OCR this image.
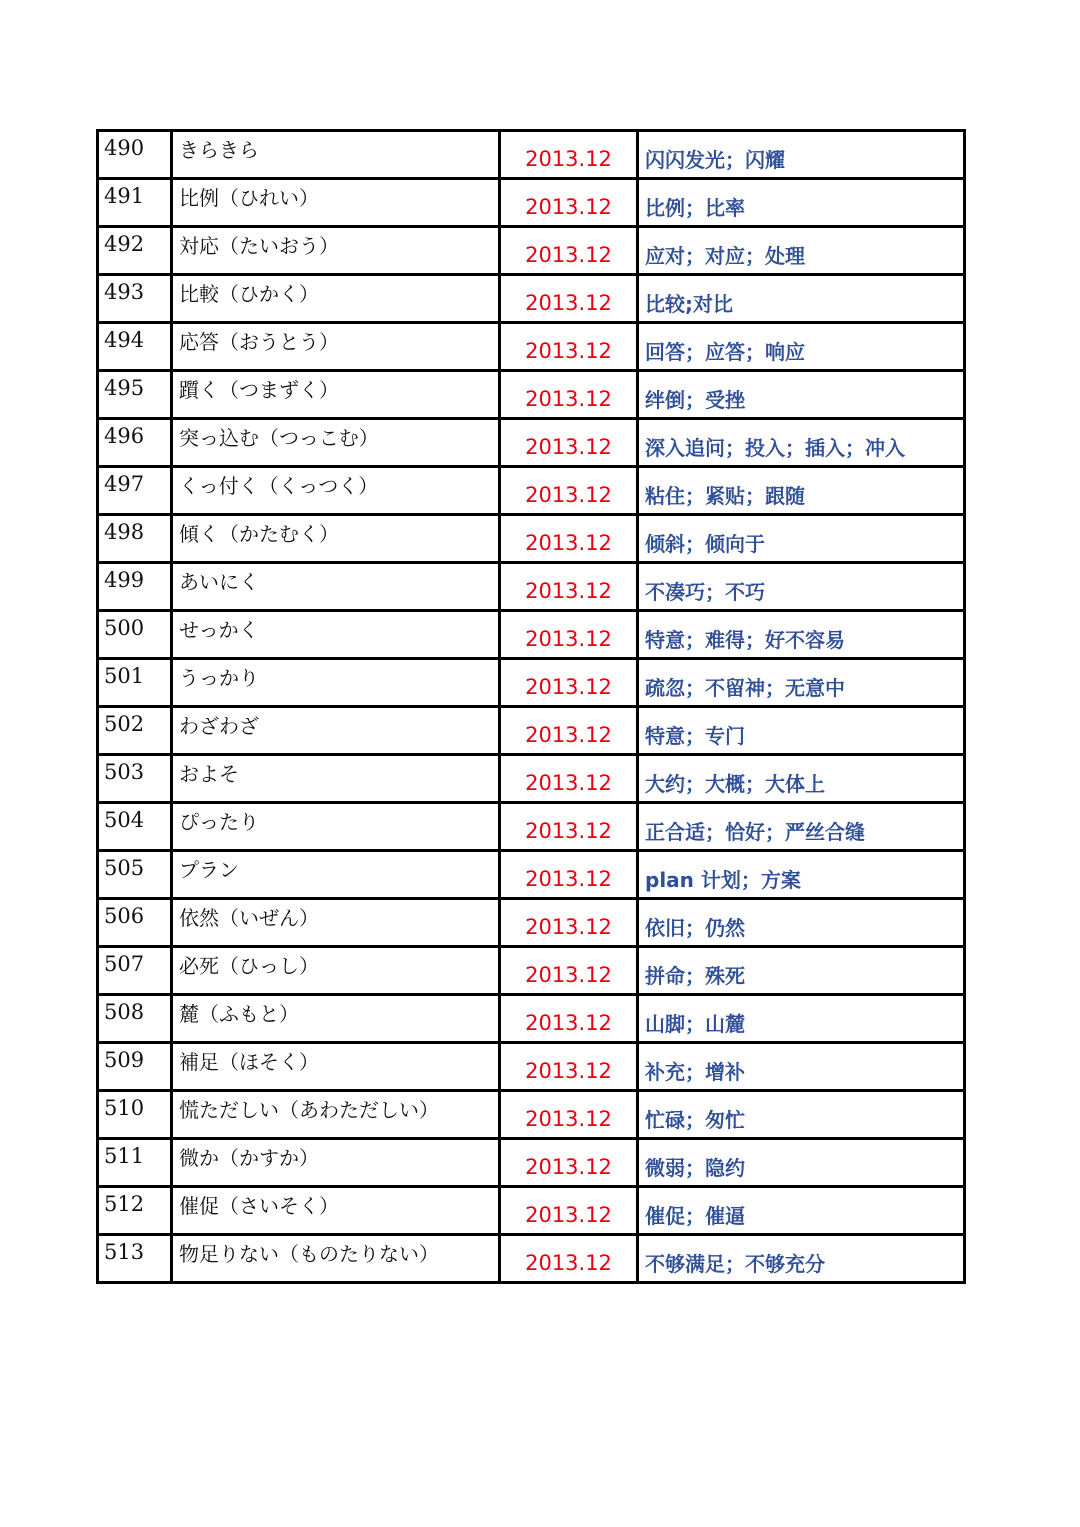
490	きらきら	2013.12	闪闪发光；闪耀
491	比例（ひれい）	2013.12	比例；比率
492	対応（たいおう）	2013.12	应对；对应；处理
493	比較（ひかく）	2013.12	比较;对比
494	応答（おうとう）	2013.12	回答；应答；响应
495	躓く（つまずく）	2013.12	绊倒；受挫
496	突っ込む（つっこむ）	2013.12	深入追问；投入；插入；冲入
497	くっ付く（くっつく）	2013.12	粘住；紧贴；跟随
498	傾く（かたむく）	2013.12	倾斜；倾向于
499	あいにく	2013.12	不凑巧；不巧
500	せっかく	2013.12	特意；难得；好不容易
501	うっかり	2013.12	疏忽；不留神；无意中
502	わざわざ	2013.12	特意；专门
503	およそ	2013.12	大约；大概；大体上
504	ぴったり	2013.12	正合适；恰好；严丝合缝
505	プラン	2013.12	plan 计划；方案
506	依然（いぜん）	2013.12	依旧；仍然
507	必死（ひっし）	2013.12	拼命；殊死
508	麓（ふもと）	2013.12	山脚；山麓
509	補足（ほそく）	2013.12	补充；增补
510	慌ただしい（あわただしい）	2013.12	忙碌；匆忙
511	微か（かすか）	2013.12	微弱；隐约
512	催促（さいそく）	2013.12	催促；催逼
513	物足りない（ものたりない）	2013.12	不够满足；不够充分
